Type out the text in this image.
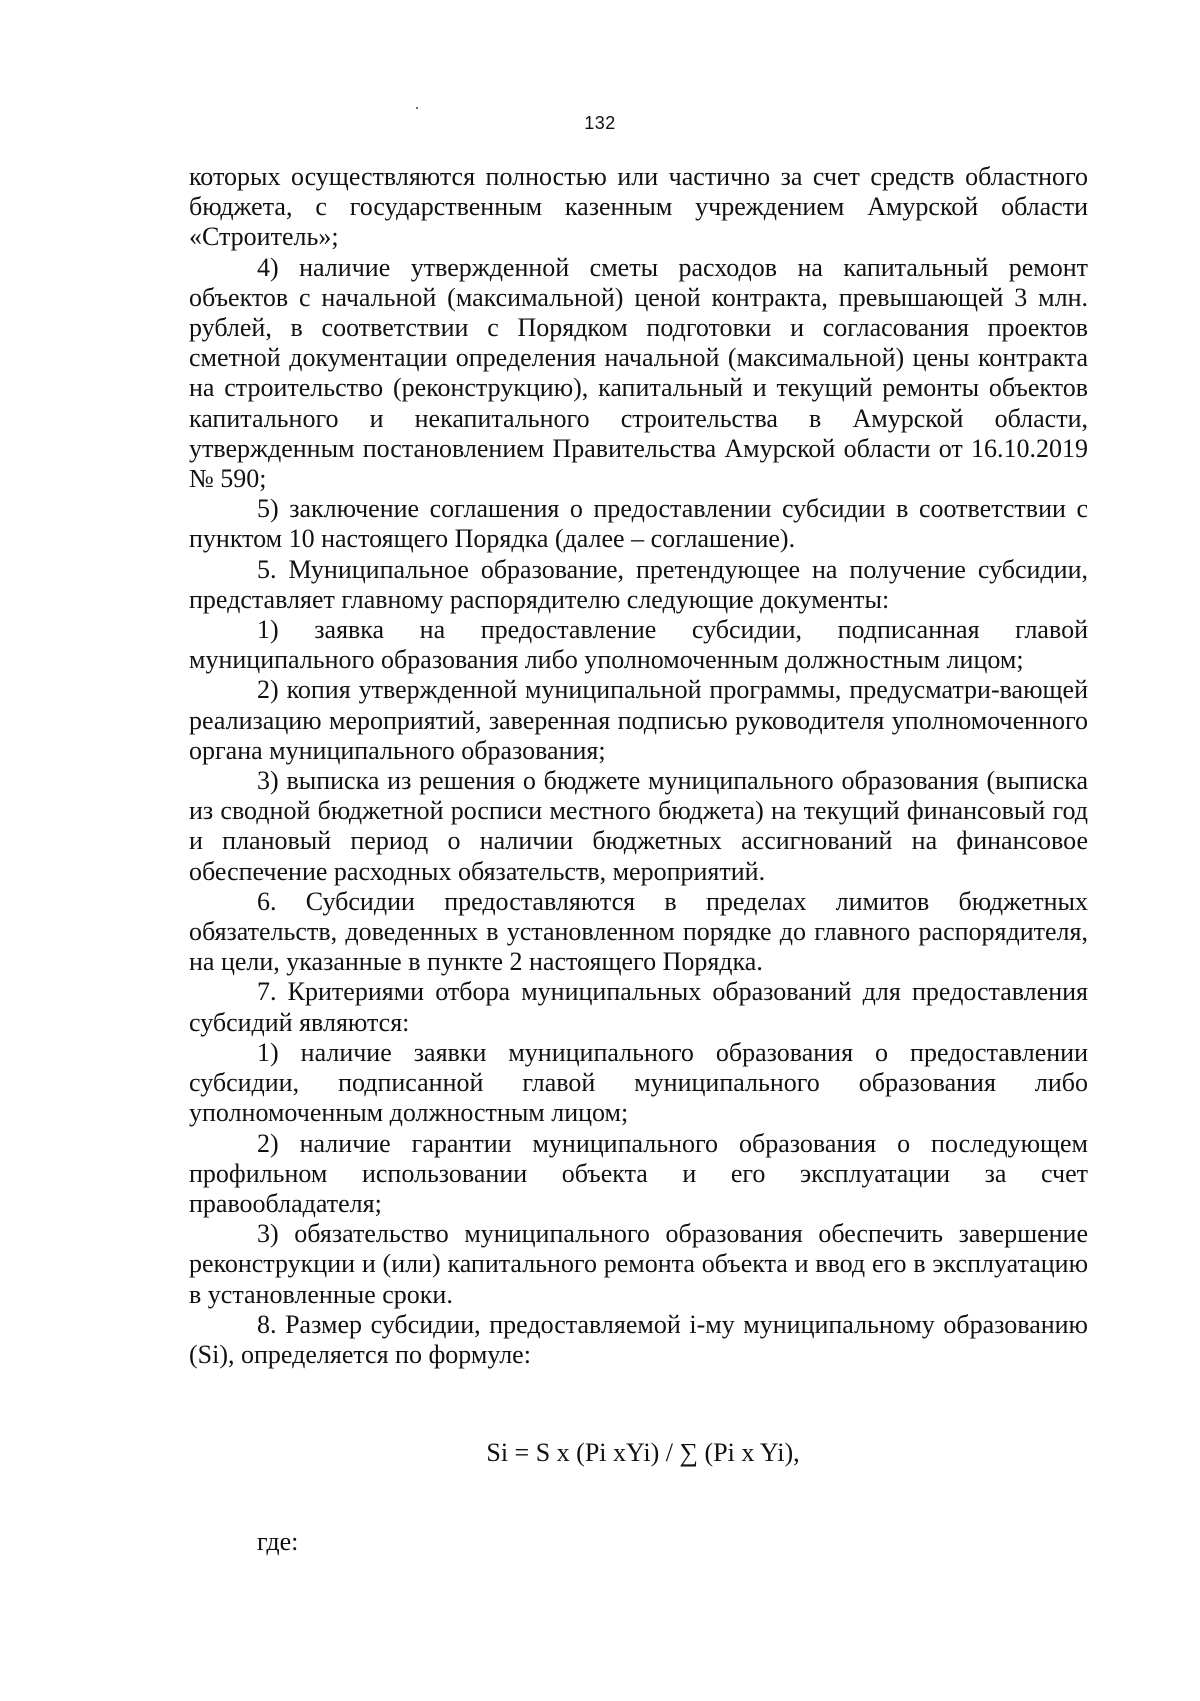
132

которых осуществляются полностью или частично за счет средств областного бюджета, с государственным казенным учреждением Амурской области «Строитель»;

4) наличие утвержденной сметы расходов на капитальный ремонт объектов с начальной (максимальной) ценой контракта, превышающей 3 млн. рублей, в соответствии с Порядком подготовки и согласования проектов сметной документации определения начальной (максимальной) цены контракта на строительство (реконструкцию), капитальный и текущий ремонты объектов капитального и некапитального строительства в Амурской области, утвержденным постановлением Правительства Амурской области от 16.10.2019 № 590;

5) заключение соглашения о предоставлении субсидии в соответствии с пунктом 10 настоящего Порядка (далее – соглашение).

5. Муниципальное образование, претендующее на получение субсидии, представляет главному распорядителю следующие документы:

1) заявка на предоставление субсидии, подписанная главой муниципального образования либо уполномоченным должностным лицом;

2) копия утвержденной муниципальной программы, предусматри-вающей реализацию мероприятий, заверенная подписью руководителя уполномоченного органа муниципального образования;

3) выписка из решения о бюджете муниципального образования (выписка из сводной бюджетной росписи местного бюджета) на текущий финансовый год и плановый период о наличии бюджетных ассигнований на финансовое обеспечение расходных обязательств, мероприятий.

6. Субсидии предоставляются в пределах лимитов бюджетных обязательств, доведенных в установленном порядке до главного распорядителя, на цели, указанные в пункте 2 настоящего Порядка.

7. Критериями отбора муниципальных образований для предоставления субсидий являются:

1) наличие заявки муниципального образования о предоставлении субсидии, подписанной главой муниципального образования либо уполномоченным должностным лицом;

2) наличие гарантии муниципального образования о последующем профильном использовании объекта и его эксплуатации за счет правообладателя;

3) обязательство муниципального образования обеспечить завершение реконструкции и (или) капитального ремонта объекта и ввод его в эксплуатацию в установленные сроки.

8. Размер субсидии, предоставляемой i-му муниципальному образованию (Si), определяется по формуле:

Si = S x (Pi xYi) / ∑ (Pi x Yi),
где:
